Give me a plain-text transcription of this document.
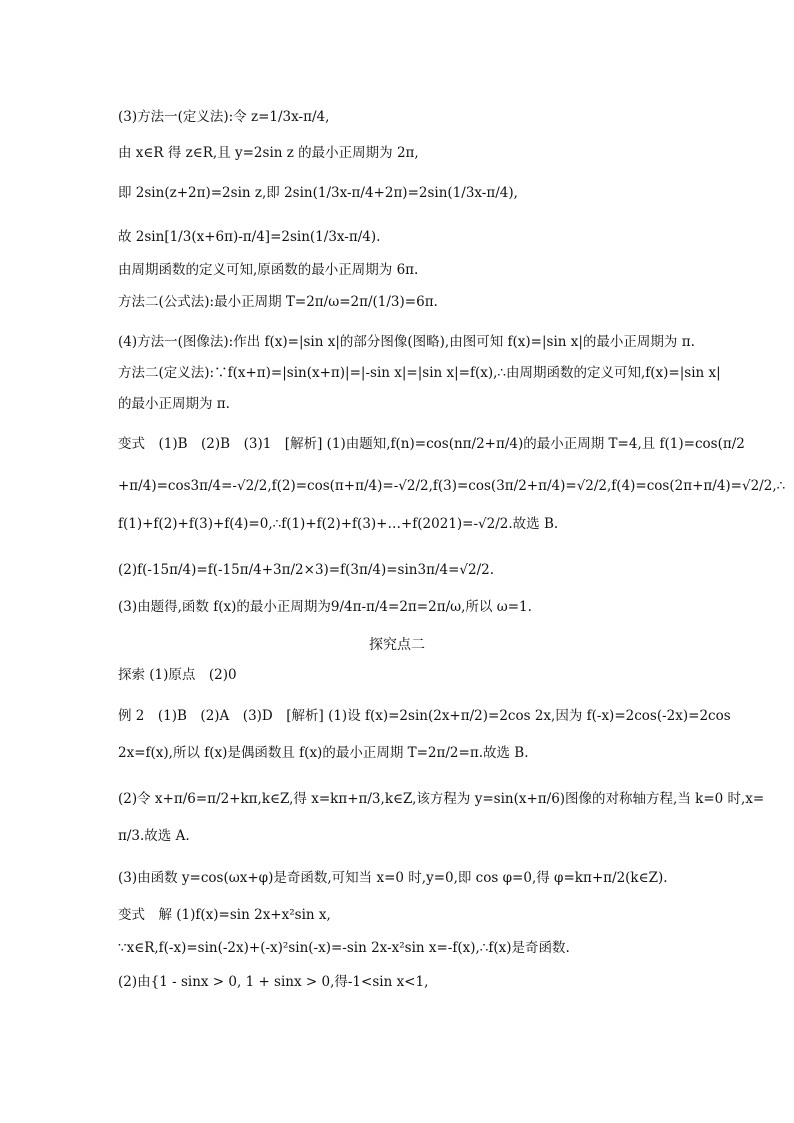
(3)方法一(定义法):令 z=1/3x-π/4,
由 x∈R 得 z∈R,且 y=2sin z 的最小正周期为 2π,
即 2sin(z+2π)=2sin z,即 2sin(1/3x-π/4+2π)=2sin(1/3x-π/4),
故 2sin[1/3(x+6π)-π/4]=2sin(1/3x-π/4).
由周期函数的定义可知,原函数的最小正周期为 6π.
方法二(公式法):最小正周期 T=2π/ω=2π/(1/3)=6π.
(4)方法一(图像法):作出 f(x)=|sin x|的部分图像(图略),由图可知 f(x)=|sin x|的最小正周期为 π.
方法二(定义法):∵f(x+π)=|sin(x+π)|=|-sin x|=|sin x|=f(x),∴由周期函数的定义可知,f(x)=|sin x|
的最小正周期为 π.
变式　(1)B　(2)B　(3)1　[解析] (1)由题知,f(n)=cos(nπ/2+π/4)的最小正周期 T=4,且 f(1)=cos(π/2
+π/4)=cos3π/4=-√2/2,f(2)=cos(π+π/4)=-√2/2,f(3)=cos(3π/2+π/4)=√2/2,f(4)=cos(2π+π/4)=√2/2,∴
f(1)+f(2)+f(3)+f(4)=0,∴f(1)+f(2)+f(3)+…+f(2021)=-√2/2.故选 B.
(2)f(-15π/4)=f(-15π/4+3π/2×3)=f(3π/4)=sin3π/4=√2/2.
(3)由题得,函数 f(x)的最小正周期为9/4π-π/4=2π=2π/ω,所以 ω=1.
探究点二
探索 (1)原点　(2)0
例 2　(1)B　(2)A　(3)D　[解析] (1)设 f(x)=2sin(2x+π/2)=2cos 2x,因为 f(-x)=2cos(-2x)=2cos
2x=f(x),所以 f(x)是偶函数且 f(x)的最小正周期 T=2π/2=π.故选 B.
(2)令 x+π/6=π/2+kπ,k∈Z,得 x=kπ+π/3,k∈Z,该方程为 y=sin(x+π/6)图像的对称轴方程,当 k=0 时,x=
π/3.故选 A.
(3)由函数 y=cos(ωx+φ)是奇函数,可知当 x=0 时,y=0,即 cos φ=0,得 φ=kπ+π/2(k∈Z).
变式　解 (1)f(x)=sin 2x+x²sin x,
∵x∈R,f(-x)=sin(-2x)+(-x)²sin(-x)=-sin 2x-x²sin x=-f(x),∴f(x)是奇函数.
(2)由{1 - sinx > 0, 1 + sinx > 0,得-1<sin x<1,
